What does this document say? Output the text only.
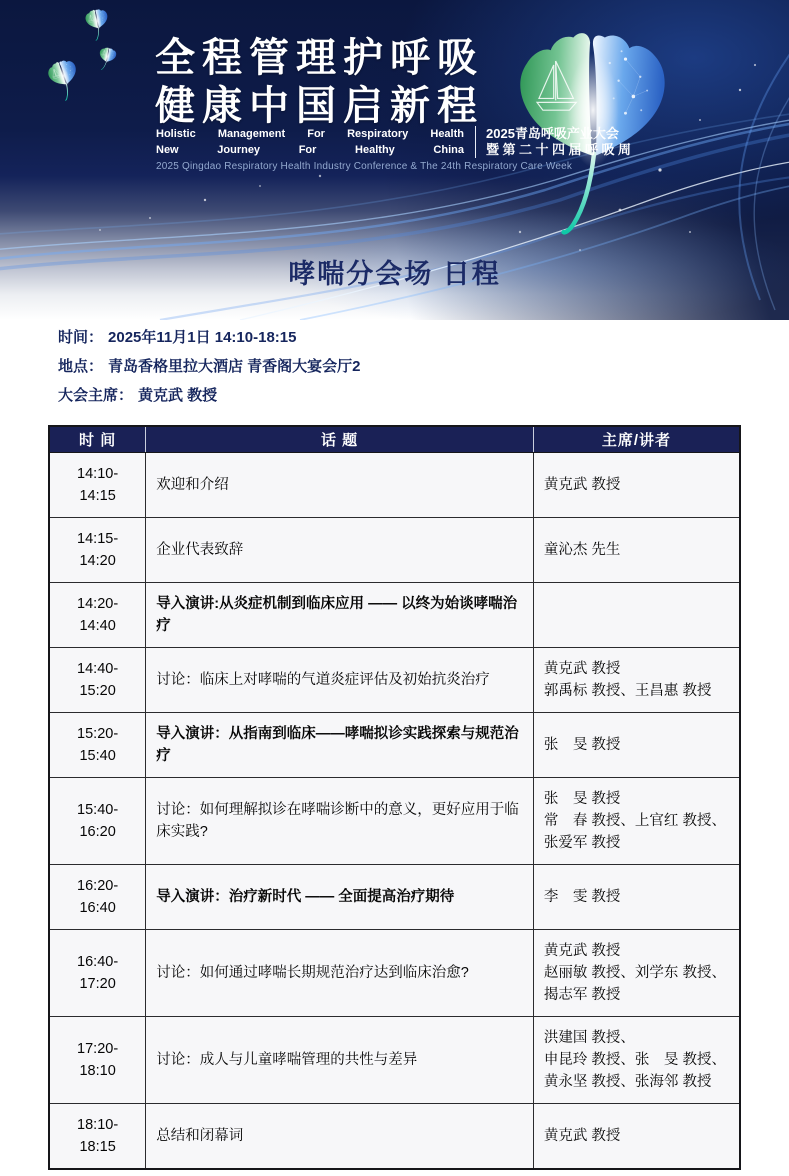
全程管理护呼吸
健康中国启新程
Holistic Management For Respiratory Health
New Journey For Healthy China
2025青岛呼吸产业大会
暨第二十四届呼吸周
2025 Qingdao Respiratory Health Industry Conference & The 24th Respiratory Care Week
哮喘分会场 日程
时间： 2025年11月1日 14:10-18:15
地点： 青岛香格里拉大酒店 青香阁大宴会厅2
大会主席： 黄克武 教授
时 间	话 题	主席/讲者
14:10-14:15	欢迎和介绍	黄克武 教授

14:15-14:20	企业代表致辞	童沁杰 先生

14:20-14:40	导入演讲:从炎症机制到临床应用 —— 以终为始谈哮喘治疗	
14:40-15:20	讨论：临床上对哮喘的气道炎症评估及初始抗炎治疗	黄克武 教授
郭禹标 教授、王昌惠 教授

15:20-15:40	导入演讲：从指南到临床——哮喘拟诊实践探索与规范治疗	张　旻 教授

15:40-16:20	讨论：如何理解拟诊在哮喘诊断中的意义，更好应用于临床实践?	张　旻 教授
常　春 教授、上官红 教授、
张爱军 教授

16:20-16:40	导入演讲：治疗新时代 —— 全面提高治疗期待	李　雯 教授

16:40-17:20	讨论：如何通过哮喘长期规范治疗达到临床治愈?	黄克武 教授
赵丽敏 教授、刘学东 教授、
揭志军 教授

17:20-18:10	讨论：成人与儿童哮喘管理的共性与差异	洪建国 教授、
申昆玲 教授、张　旻 教授、
黄永坚 教授、张海邻 教授

18:10-18:15	总结和闭幕词	黄克武 教授
